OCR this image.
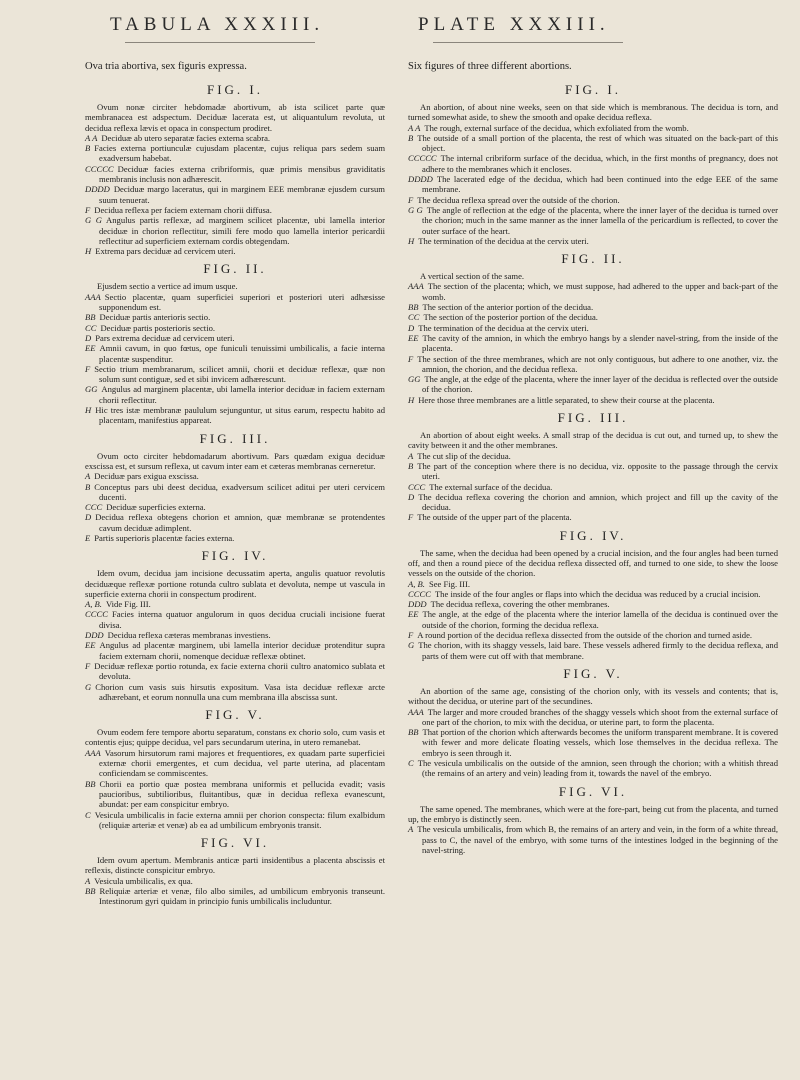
TABULA XXXIII.
Ova tria abortiva, sex figuris expressa.
FIG. I.

Ovum nonæ circiter hebdomadæ abortivum, ab ista scilicet parte quæ membranacea est adspectum. Deciduæ lacerata est, ut aliquantulum revoluta, ut decidua reflexa lævis et opaca in conspectum prodiret.

A A Deciduæ ab utero separatæ facies externa scabra.

B Facies externa portiunculæ cujusdam placentæ, cujus reliqua pars sedem suam exadversum habebat.

CCCCC Deciduæ facies externa cribriformis, quæ primis mensibus graviditatis membranis inclusis non adhærescit.

DDDD Deciduæ margo laceratus, qui in marginem EEE membranæ ejusdem cursum suum tenuerat.

F Decidua reflexa per faciem externam chorii diffusa.

G G Angulus partis reflexæ, ad marginem scilicet placentæ, ubi lamella interior deciduæ in chorion reflectitur, simili fere modo quo lamella interior pericardii reflectitur ad superficiem externam cordis obtegendam.

H Extrema pars deciduæ ad cervicem uteri.

FIG. II.

Ejusdem sectio a vertice ad imum usque.

AAA Sectio placentæ, quam superficiei superiori et posteriori uteri adhæsisse supponendum est.

BB Deciduæ partis anterioris sectio.

CC Deciduæ partis posterioris sectio.

D Pars extrema deciduæ ad cervicem uteri.

EE Amnii cavum, in quo fœtus, ope funiculi tenuissimi umbilicalis, a facie interna placentæ suspenditur.

F Sectio trium membranarum, scilicet amnii, chorii et deciduæ reflexæ, quæ non solum sunt contiguæ, sed et sibi invicem adhærescunt.

GG Angulus ad marginem placentæ, ubi lamella interior deciduæ in faciem externam chorii reflectitur.

H Hic tres istæ membranæ paululum sejunguntur, ut situs earum, respectu habito ad placentam, manifestius appareat.

FIG. III.

Ovum octo circiter hebdomadarum abortivum. Pars quædam exigua deciduæ exscissa est, et sursum reflexa, ut cavum inter eam et cæteras membranas cerneretur.

A Deciduæ pars exigua exscissa.

B Conceptus pars ubi deest decidua, exadversum scilicet aditui per uteri cervicem ducenti.

CCC Deciduæ superficies externa.

D Decidua reflexa obtegens chorion et amnion, quæ membranæ se protendentes cavum deciduæ adimplent.

E Partis superioris placentæ facies externa.

FIG. IV.

Idem ovum, decidua jam incisione decussatim aperta, angulis quatuor revolutis deciduæque reflexæ portione rotunda cultro sublata et devoluta, nempe ut vascula in superficie externa chorii in conspectum prodirent.

A, B. Vide Fig. III.

CCCC Facies interna quatuor angulorum in quos decidua cruciali incisione fuerat divisa.

DDD Decidua reflexa cæteras membranas investiens.

EE Angulus ad placentæ marginem, ubi lamella interior deciduæ protenditur supra faciem externam chorii, nomenque deciduæ reflexæ obtinet.

F Deciduæ reflexæ portio rotunda, ex facie externa chorii cultro anatomico sublata et devoluta.

G Chorion cum vasis suis hirsutis expositum. Vasa ista deciduæ reflexæ arcte adhærebant, et eorum nonnulla una cum membrana illa abscissa sunt.

FIG. V.

Ovum eodem fere tempore abortu separatum, constans ex chorio solo, cum vasis et contentis ejus; quippe decidua, vel pars secundarum uterina, in utero remanebat.

AAA Vasorum hirsutorum rami majores et frequentiores, ex quadam parte superficiei externæ chorii emergentes, et cum decidua, vel parte uterina, ad placentam conficiendam se commiscentes.

BB Chorii ea portio quæ postea membrana uniformis et pellucida evadit; vasis paucioribus, subtilioribus, fluitantibus, quæ in decidua reflexa evanescunt, abundat: per eam conspicitur embryo.

C Vesicula umbilicalis in facie externa amnii per chorion conspecta: filum exalbidum (reliquiæ arteriæ et venæ) ab ea ad umbilicum embryonis transit.

FIG. VI.

Idem ovum apertum. Membranis anticæ parti insidentibus a placenta abscissis et reflexis, distincte conspicitur embryo.

A Vesicula umbilicalis, ex qua.

BB Reliquiæ arteriæ et venæ, filo albo similes, ad umbilicum embryonis transeunt. Intestinorum gyri quidam in principio funis umbilicalis includuntur.

PLATE XXXIII.
Six figures of three different abortions.
FIG. I.

An abortion, of about nine weeks, seen on that side which is membranous. The decidua is torn, and turned somewhat aside, to shew the smooth and opake decidua reflexa.

A A The rough, external surface of the decidua, which exfoliated from the womb.

B The outside of a small portion of the placenta, the rest of which was situated on the back-part of this object.

CCCCC The internal cribriform surface of the decidua, which, in the first months of pregnancy, does not adhere to the membranes which it encloses.

DDDD The lacerated edge of the decidua, which had been continued into the edge EEE of the same membrane.

F The decidua reflexa spread over the outside of the chorion.

G G The angle of reflection at the edge of the placenta, where the inner layer of the decidua is turned over the chorion; much in the same manner as the inner lamella of the pericardium is reflected, to cover the outer surface of the heart.

H The termination of the decidua at the cervix uteri.

FIG. II.

A vertical section of the same.

AAA The section of the placenta; which, we must suppose, had adhered to the upper and back-part of the womb.

BB The section of the anterior portion of the decidua.

CC The section of the posterior portion of the decidua.

D The termination of the decidua at the cervix uteri.

EE The cavity of the amnion, in which the embryo hangs by a slender navel-string, from the inside of the placenta.

F The section of the three membranes, which are not only contiguous, but adhere to one another, viz. the amnion, the chorion, and the decidua reflexa.

GG The angle, at the edge of the placenta, where the inner layer of the decidua is reflected over the outside of the chorion.

H Here those three membranes are a little separated, to shew their course at the placenta.

FIG. III.

An abortion of about eight weeks. A small strap of the decidua is cut out, and turned up, to shew the cavity between it and the other membranes.

A The cut slip of the decidua.

B The part of the conception where there is no decidua, viz. opposite to the passage through the cervix uteri.

CCC The external surface of the decidua.

D The decidua reflexa covering the chorion and amnion, which project and fill up the cavity of the decidua.

F The outside of the upper part of the placenta.

FIG. IV.

The same, when the decidua had been opened by a crucial incision, and the four angles had been turned off, and then a round piece of the decidua reflexa dissected off, and turned to one side, to shew the loose vessels on the outside of the chorion.

A, B. See Fig. III.

CCCC The inside of the four angles or flaps into which the decidua was reduced by a crucial incision.

DDD The decidua reflexa, covering the other membranes.

EE The angle, at the edge of the placenta where the interior lamella of the decidua is continued over the outside of the chorion, forming the decidua reflexa.

F A round portion of the decidua reflexa dissected from the outside of the chorion and turned aside.

G The chorion, with its shaggy vessels, laid bare. These vessels adhered firmly to the decidua reflexa, and parts of them were cut off with that membrane.

FIG. V.

An abortion of the same age, consisting of the chorion only, with its vessels and contents; that is, without the decidua, or uterine part of the secundines.

AAA The larger and more crouded branches of the shaggy vessels which shoot from the external surface of one part of the chorion, to mix with the decidua, or uterine part, to form the placenta.

BB That portion of the chorion which afterwards becomes the uniform transparent membrane. It is covered with fewer and more delicate floating vessels, which lose themselves in the decidua reflexa. The embryo is seen through it.

C The vesicula umbilicalis on the outside of the amnion, seen through the chorion; with a whitish thread (the remains of an artery and vein) leading from it, towards the navel of the embryo.

FIG. VI.

The same opened. The membranes, which were at the fore-part, being cut from the placenta, and turned up, the embryo is distinctly seen.

A The vesicula umbilicalis, from which B, the remains of an artery and vein, in the form of a white thread, pass to C, the navel of the embryo, with some turns of the intestines lodged in the beginning of the navel-string.
